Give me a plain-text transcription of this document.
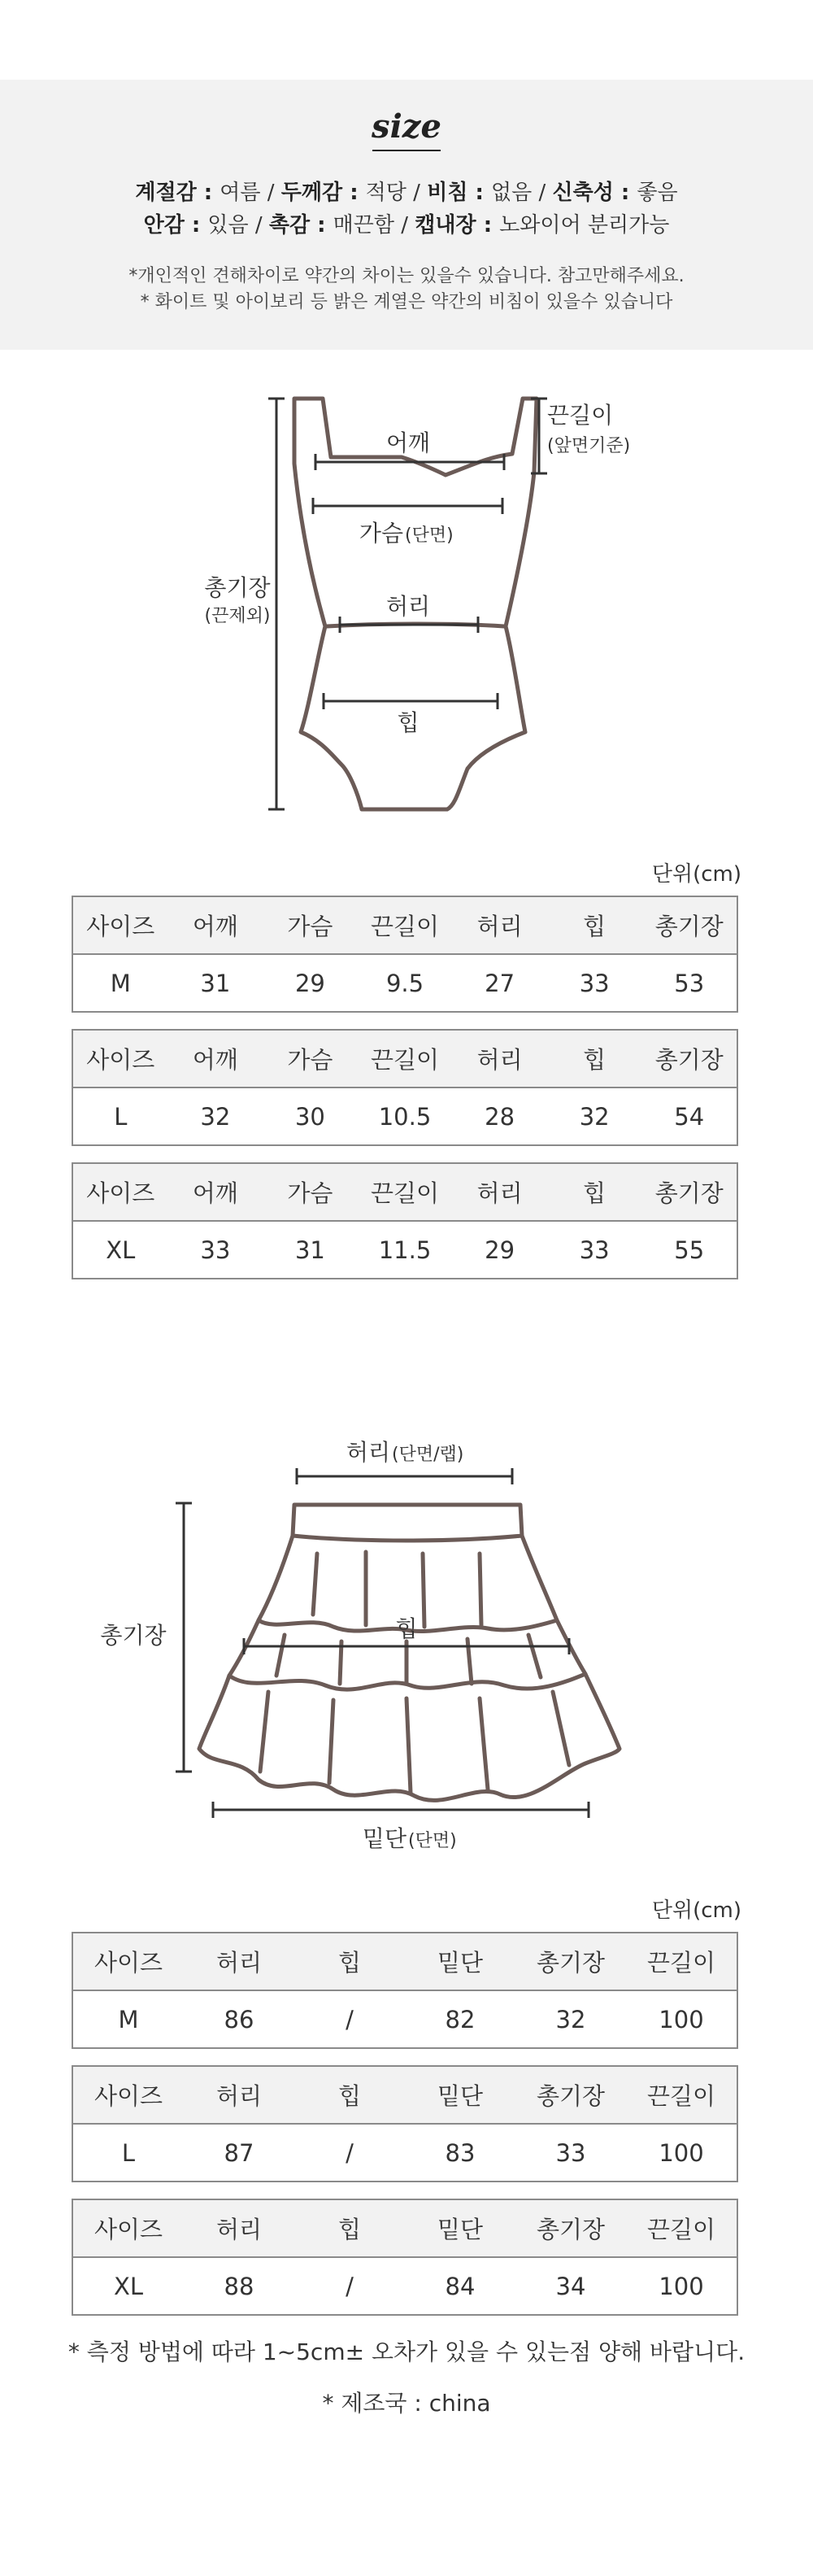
size
계절감 : 여름 / 두께감 : 적당 / 비침 : 없음 / 신축성 : 좋음
안감 : 있음 / 촉감 : 매끈함 / 캡내장 : 노와이어 분리가능
*개인적인 견해차이로 약간의 차이는 있을수 있습니다. 참고만해주세요.
* 화이트 및 아이보리 등 밝은 계열은 약간의 비침이 있을수 있습니다
어깨
끈길이
(앞면기준)
가슴 (단면)
허리
힙
총기장
(끈제외)
단위(cm)
사이즈	어깨	가슴	끈길이	허리	힙	총기장
M	31	29	9.5	27	33	53
사이즈	어깨	가슴	끈길이	허리	힙	총기장
L	32	30	10.5	28	32	54
사이즈	어깨	가슴	끈길이	허리	힙	총기장
XL	33	31	11.5	29	33	55
허리 (단면/랩)
총기장	힙
밑단 (단면)
단위(cm)
사이즈	허리	힙	밑단	총기장	끈길이
M	86	/	82	32	100
사이즈	허리	힙	밑단	총기장	끈길이
L	87	/	83	33	100
사이즈	허리	힙	밑단	총기장	끈길이
XL	88	/	84	34	100
* 측정 방법에 따라 1~5cm± 오차가 있을 수 있는점 양해 바랍니다.
* 제조국 : china
